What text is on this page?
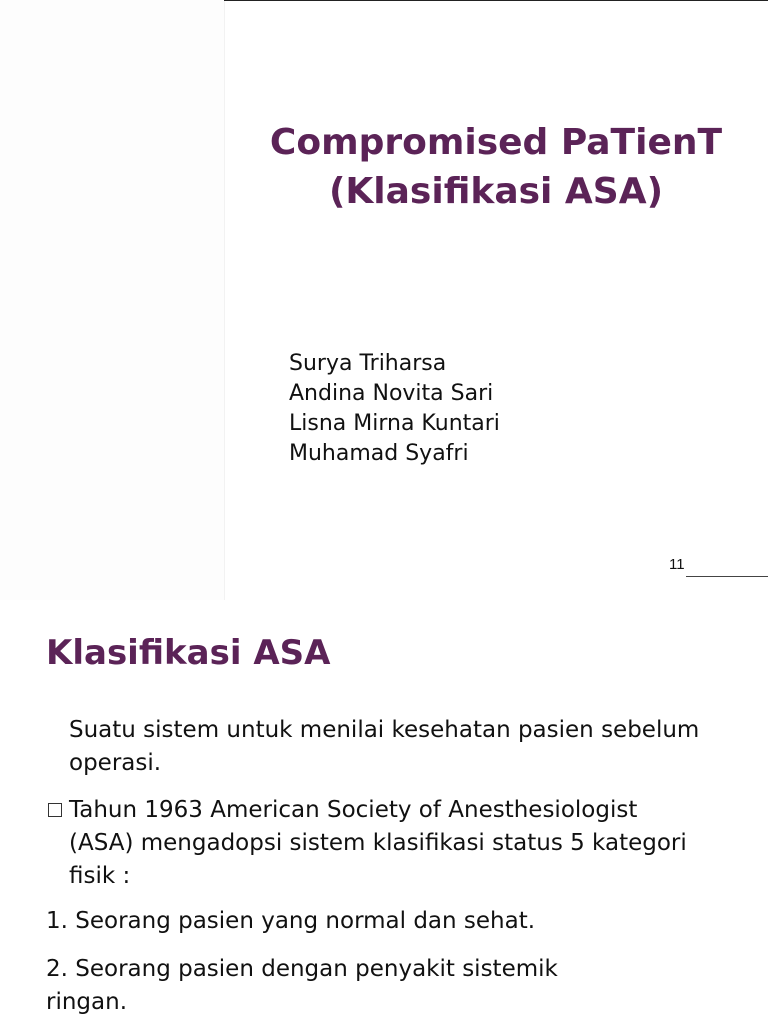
Compromised PaTienT
(Klasifikasi ASA)
Surya Triharsa
Andina Novita Sari
Lisna Mirna Kuntari
Muhamad Syafri
11
Klasifikasi ASA

Suatu sistem untuk menilai kesehatan pasien sebelum operasi.

Tahun 1963 American Society of Anesthesiologist (ASA) mengadopsi sistem klasifikasi status 5 kategori fisik :

1. Seorang pasien yang normal dan sehat.

2. Seorang pasien dengan penyakit sistemik ringan.
